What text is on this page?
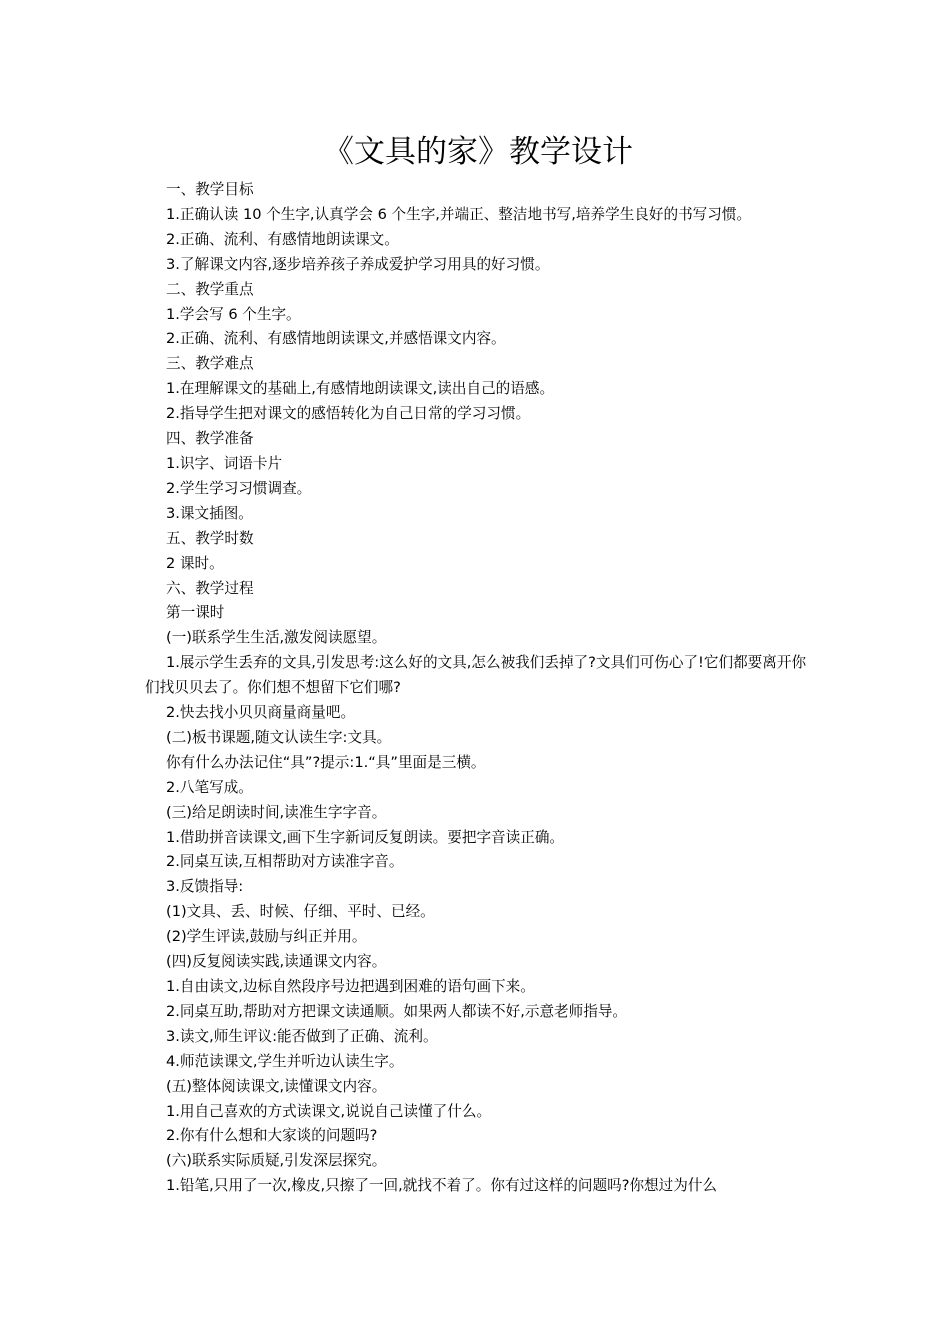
《文具的家》教学设计

一、教学目标

1.正确认读 10 个生字,认真学会 6 个生字,并端正、整洁地书写,培养学生良好的书写习惯。

2.正确、流利、有感情地朗读课文。

3.了解课文内容,逐步培养孩子养成爱护学习用具的好习惯。

二、教学重点

1.学会写 6 个生字。

2.正确、流利、有感情地朗读课文,并感悟课文内容。

三、教学难点

1.在理解课文的基础上,有感情地朗读课文,读出自己的语感。

2.指导学生把对课文的感悟转化为自己日常的学习习惯。

四、教学准备

1.识字、词语卡片

2.学生学习习惯调查。

3.课文插图。

五、教学时数

2 课时。

六、教学过程

第一课时

(一)联系学生生活,激发阅读愿望。

1.展示学生丢弃的文具,引发思考:这么好的文具,怎么被我们丢掉了?文具们可伤心了!它们都要离开你们找贝贝去了。你们想不想留下它们哪?

2.快去找小贝贝商量商量吧。

(二)板书课题,随文认读生字:文具。

你有什么办法记住“具”?提示:1.“具”里面是三横。

2.八笔写成。

(三)给足朗读时间,读准生字字音。

1.借助拼音读课文,画下生字新词反复朗读。要把字音读正确。

2.同桌互读,互相帮助对方读准字音。

3.反馈指导:

(1)文具、丢、时候、仔细、平时、已经。

(2)学生评读,鼓励与纠正并用。

(四)反复阅读实践,读通课文内容。

1.自由读文,边标自然段序号边把遇到困难的语句画下来。

2.同桌互助,帮助对方把课文读通顺。如果两人都读不好,示意老师指导。

3.读文,师生评议:能否做到了正确、流利。

4.师范读课文,学生并听边认读生字。

(五)整体阅读课文,读懂课文内容。

1.用自己喜欢的方式读课文,说说自己读懂了什么。

2.你有什么想和大家谈的问题吗?

(六)联系实际质疑,引发深层探究。

1.铅笔,只用了一次,橡皮,只擦了一回,就找不着了。你有过这样的问题吗?你想过为什么
